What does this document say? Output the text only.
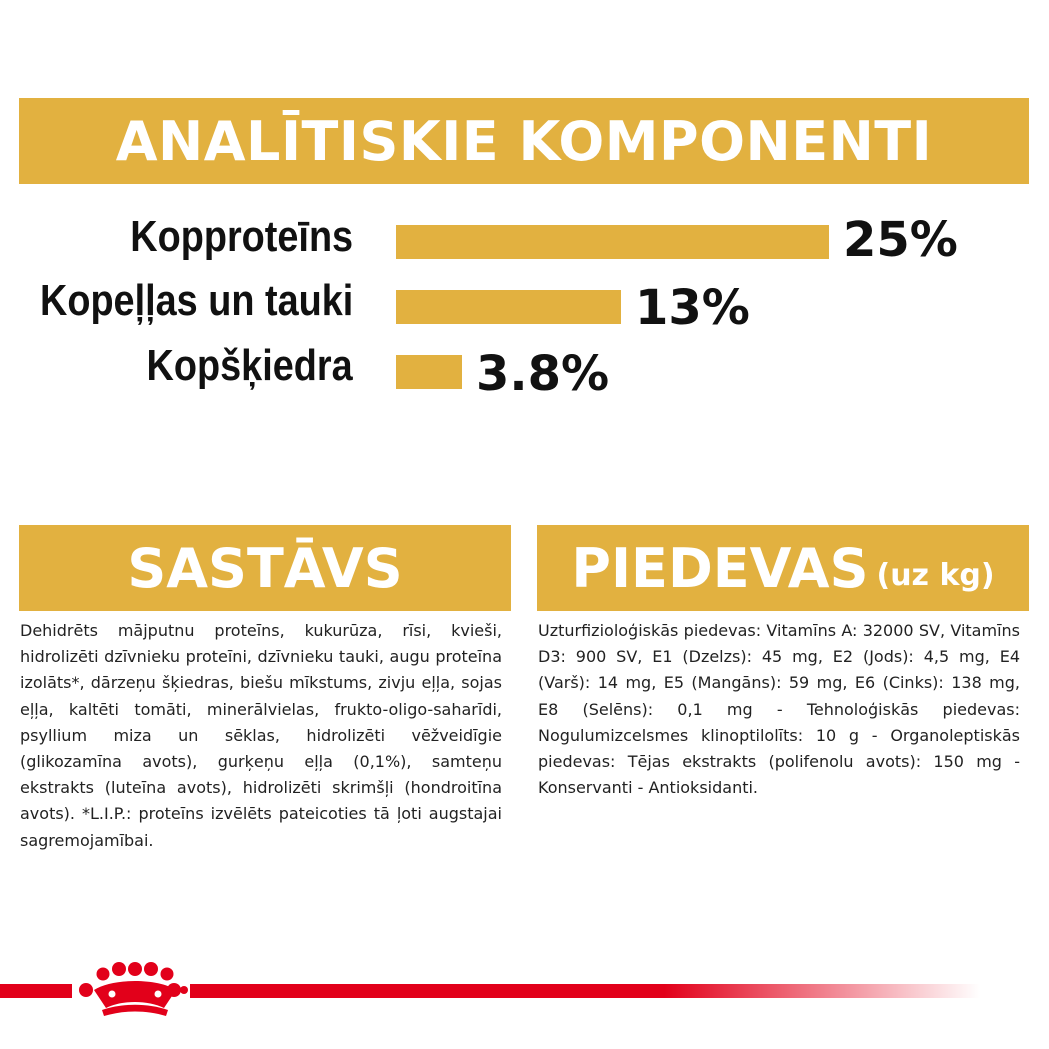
ANALĪTISKIE KOMPONENTI
Kopproteīns	25%
Kopeļļas un tauki	13%
Kopšķiedra	3.8%
SASTĀVS

Dehidrēts mājputnu proteīns, kukurūza, rīsi, kvieši, hidrolizēti dzīvnieku proteīni, dzīvnieku tauki, augu proteīna izolāts*, dārzeņu šķiedras, biešu mīkstums, zivju eļļa, sojas eļļa, kaltēti tomāti, minerālvielas, frukto-oligo-saharīdi, psyllium miza un sēklas, hidrolizēti vēžveidīgie (glikozamīna avots), gurķeņu eļļa (0,1%), samteņu ekstrakts (luteīna avots), hidrolizēti skrimšļi (hondroitīna avots). *L.I.P.: proteīns izvēlēts pateicoties tā ļoti augstajai sagremojamībai.

PIEDEVAS (uz kg)

Uzturfizioloģiskās piedevas: Vitamīns A: 32000 SV, Vitamīns D3: 900 SV, E1 (Dzelzs): 45 mg, E2 (Jods): 4,5 mg, E4 (Varš): 14 mg, E5 (Mangāns): 59 mg, E6 (Cinks): 138 mg, E8 (Selēns): 0,1 mg - Tehnoloģiskās piedevas: Nogulumizcelsmes klinoptilolīts: 10 g - Organoleptiskās piedevas: Tējas ekstrakts (polifenolu avots): 150 mg - Konservanti - Antioksidanti.
